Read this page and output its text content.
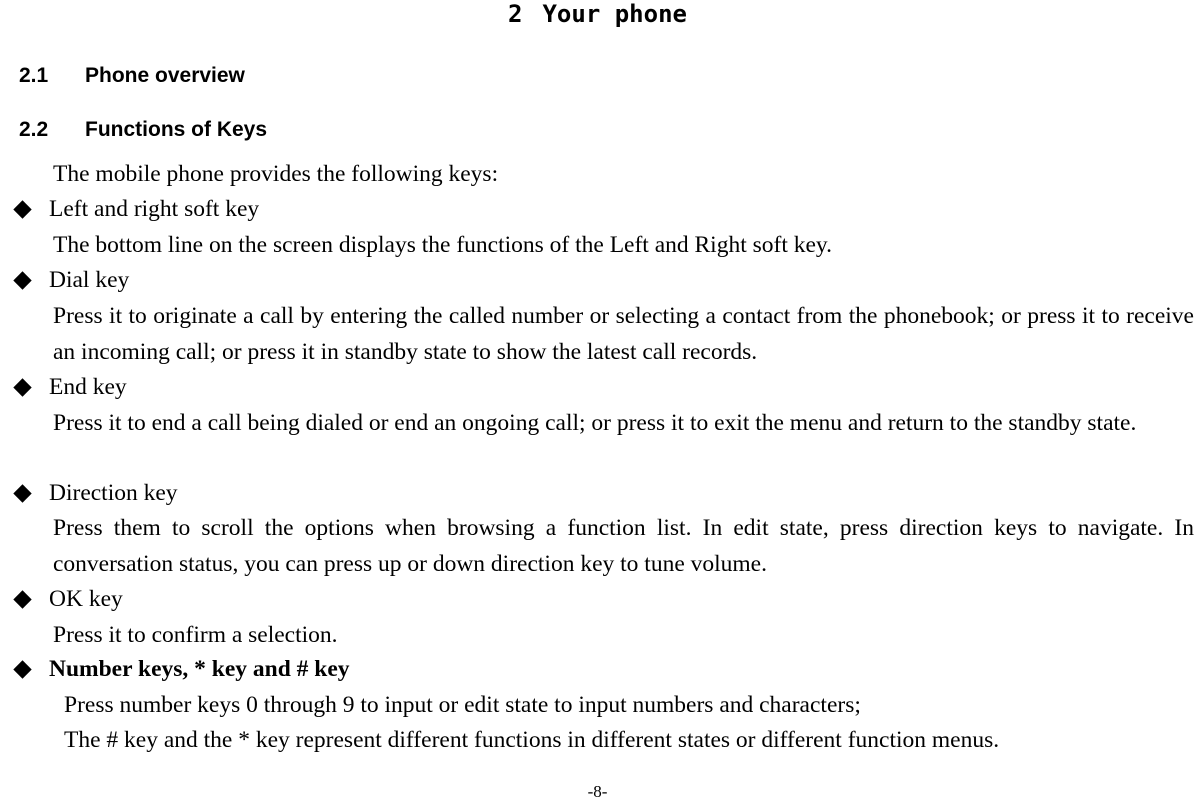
2 Your phone
2.1 Phone overview
2.2 Functions of Keys
The mobile phone provides the following keys:
Left and right soft key
The bottom line on the screen displays the functions of the Left and Right soft key.
Dial key
Press it to originate a call by entering the called number or selecting a contact from the phonebook; or press it to receive an incoming call; or press it in standby state to show the latest call records.
End key
Press it to end a call being dialed or end an ongoing call; or press it to exit the menu and return to the standby state.
Direction key
Press them to scroll the options when browsing a function list. In edit state, press direction keys to navigate. In conversation status, you can press up or down direction key to tune volume.
OK key
Press it to confirm a selection.
Number keys, * key and # key
Press number keys 0 through 9 to input or edit state to input numbers and characters;
The # key and the * key represent different functions in different states or different function menus.
-8-
